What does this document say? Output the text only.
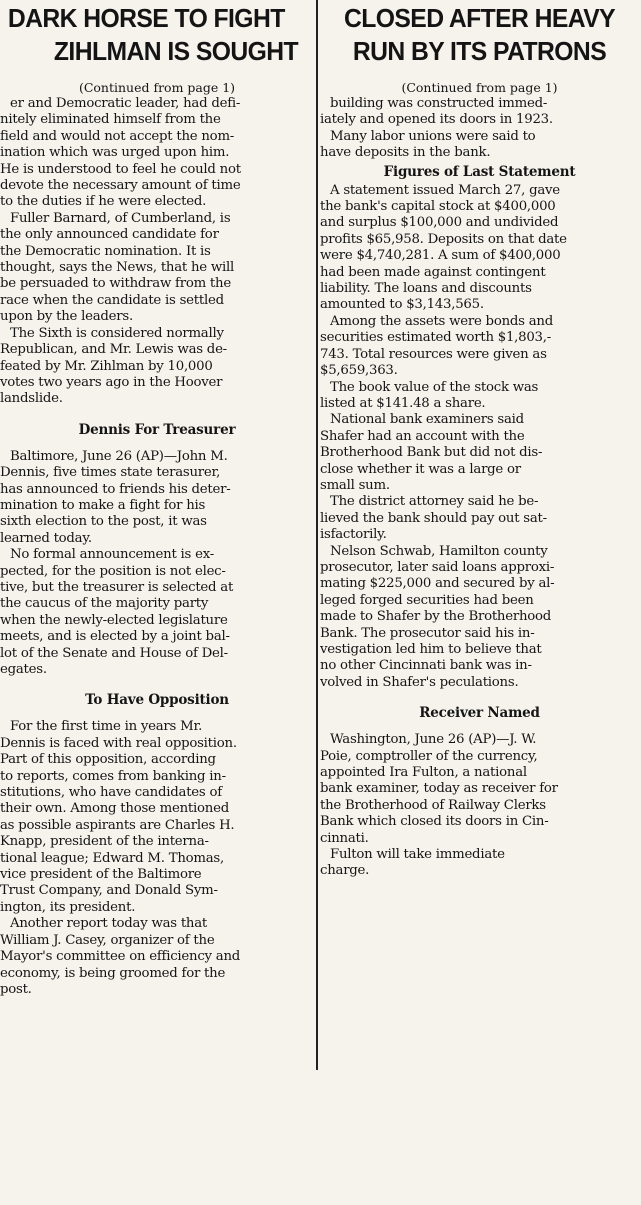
DARK HORSE TO FIGHT
ZIHLMAN IS SOUGHT
(Continued from page 1)
er and Democratic leader, had defi-
nitely eliminated himself from the
field and would not accept the nom-
ination which was urged upon him.
He is understood to feel he could not
devote the necessary amount of time
to the duties if he were elected.
Fuller Barnard, of Cumberland, is
the only announced candidate for
the Democratic nomination. It is
thought, says the News, that he will
be persuaded to withdraw from the
race when the candidate is settled
upon by the leaders.
The Sixth is considered normally
Republican, and Mr. Lewis was de-
feated by Mr. Zihlman by 10,000
votes two years ago in the Hoover
landslide.
Dennis For Treasurer
Baltimore, June 26 (AP)—John M.
Dennis, five times state terasurer,
has announced to friends his deter-
mination to make a fight for his
sixth election to the post, it was
learned today.
No formal announcement is ex-
pected, for the position is not elec-
tive, but the treasurer is selected at
the caucus of the majority party
when the newly-elected legislature
meets, and is elected by a joint bal-
lot of the Senate and House of Del-
egates.
To Have Opposition
For the first time in years Mr.
Dennis is faced with real opposition.
Part of this opposition, according
to reports, comes from banking in-
stitutions, who have candidates of
their own. Among those mentioned
as possible aspirants are Charles H.
Knapp, president of the interna-
tional league; Edward M. Thomas,
vice president of the Baltimore
Trust Company, and Donald Sym-
ington, its president.
Another report today was that
William J. Casey, organizer of the
Mayor's committee on efficiency and
economy, is being groomed for the
post.
CLOSED AFTER HEAVY
RUN BY ITS PATRONS
(Continued from page 1)
building was constructed immed-
iately and opened its doors in 1923.
Many labor unions were said to
have deposits in the bank.
Figures of Last Statement
A statement issued March 27, gave
the bank's capital stock at $400,000
and surplus $100,000 and undivided
profits $65,958. Deposits on that date
were $4,740,281. A sum of $400,000
had been made against contingent
liability. The loans and discounts
amounted to $3,143,565.
Among the assets were bonds and
securities estimated worth $1,803,-
743. Total resources were given as
$5,659,363.
The book value of the stock was
listed at $141.48 a share.
National bank examiners said
Shafer had an account with the
Brotherhood Bank but did not dis-
close whether it was a large or
small sum.
The district attorney said he be-
lieved the bank should pay out sat-
isfactorily.
Nelson Schwab, Hamilton county
prosecutor, later said loans approxi-
mating $225,000 and secured by al-
leged forged securities had been
made to Shafer by the Brotherhood
Bank. The prosecutor said his in-
vestigation led him to believe that
no other Cincinnati bank was in-
volved in Shafer's peculations.
Receiver Named
Washington, June 26 (AP)—J. W.
Poie, comptroller of the currency,
appointed Ira Fulton, a national
bank examiner, today as receiver for
the Brotherhood of Railway Clerks
Bank which closed its doors in Cin-
cinnati.
Fulton will take immediate
charge.
